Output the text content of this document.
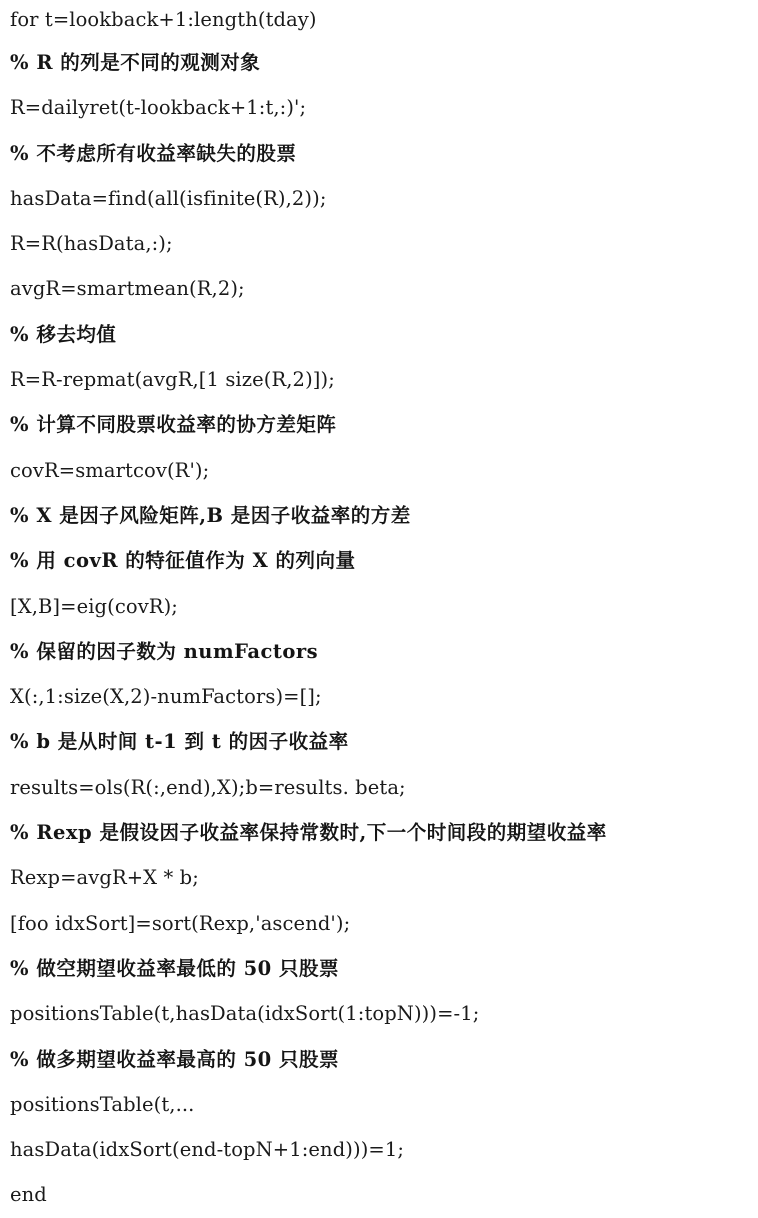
for t=lookback+1:length(tday)
% R 的列是不同的观测对象
R=dailyret(t-lookback+1:t,:)';
% 不考虑所有收益率缺失的股票
hasData=find(all(isfinite(R),2));
R=R(hasData,:);
avgR=smartmean(R,2);
% 移去均值
R=R-repmat(avgR,[1 size(R,2)]);
% 计算不同股票收益率的协方差矩阵
covR=smartcov(R');
% X 是因子风险矩阵,B 是因子收益率的方差
% 用 covR 的特征值作为 X 的列向量
[X,B]=eig(covR);
% 保留的因子数为 numFactors
X(:,1:size(X,2)-numFactors)=[];
% b 是从时间 t-1 到 t 的因子收益率
results=ols(R(:,end),X);b=results. beta;
% Rexp 是假设因子收益率保持常数时,下一个时间段的期望收益率
Rexp=avgR+X * b;
[foo idxSort]=sort(Rexp,'ascend');
% 做空期望收益率最低的 50 只股票
positionsTable(t,hasData(idxSort(1:topN)))=-1;
% 做多期望收益率最高的 50 只股票
positionsTable(t,...
hasData(idxSort(end-topN+1:end)))=1;
end
